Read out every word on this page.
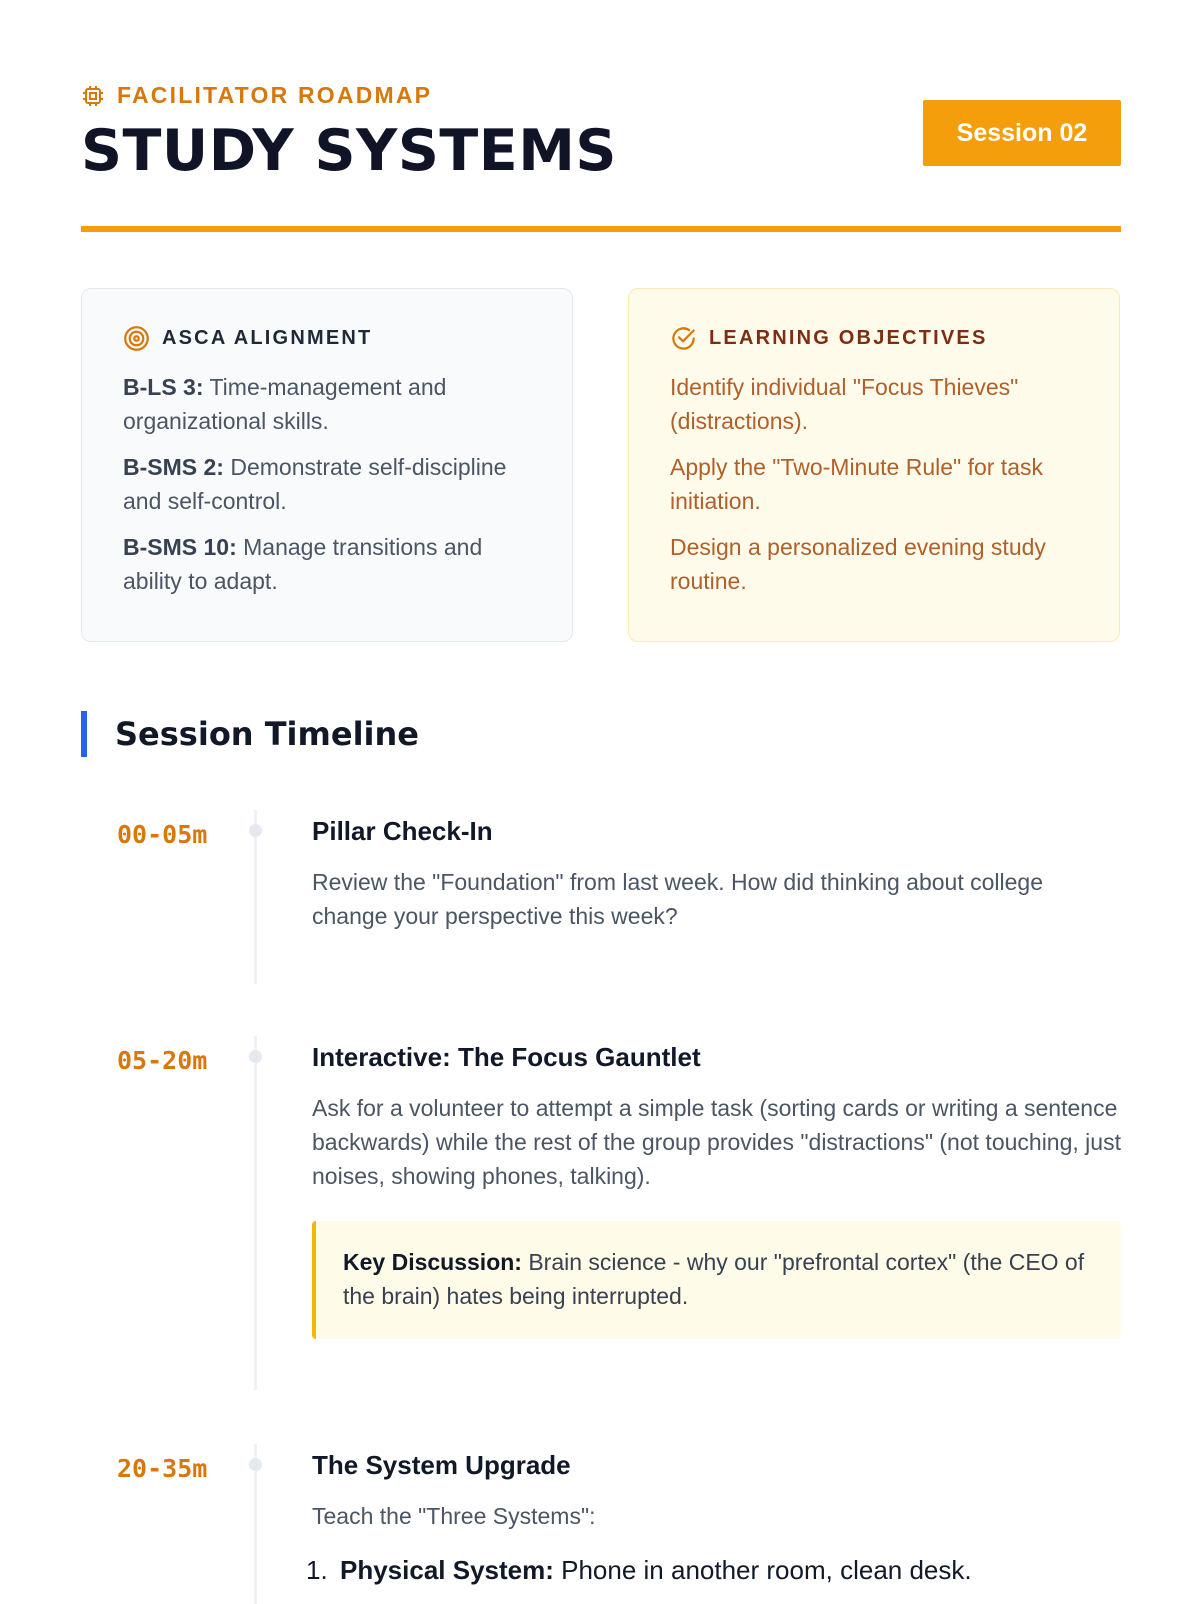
FACILITATOR ROADMAP
STUDY SYSTEMS	Session 02
ASCA ALIGNMENT

B-LS 3: Time-management and organizational skills.

B-SMS 2: Demonstrate self-discipline and self-control.

B-SMS 10: Manage transitions and ability to adapt.

LEARNING OBJECTIVES

Identify individual "Focus Thieves" (distractions).

Apply the "Two-Minute Rule" for task initiation.

Design a personalized evening study routine.

Session Timeline
00-05m	Pillar Check-In

Review the "Foundation" from last week. How did thinking about college change your perspective this week?

05-20m	Interactive: The Focus Gauntlet

Ask for a volunteer to attempt a simple task (sorting cards or writing a sentence backwards) while the rest of the group provides "distractions" (not touching, just noises, showing phones, talking).

Key Discussion: Brain science - why our "prefrontal cortex" (the CEO of the brain) hates being interrupted.
20-35m	The System Upgrade

Teach the "Three Systems":

1. Physical System: Phone in another room, clean desk.
